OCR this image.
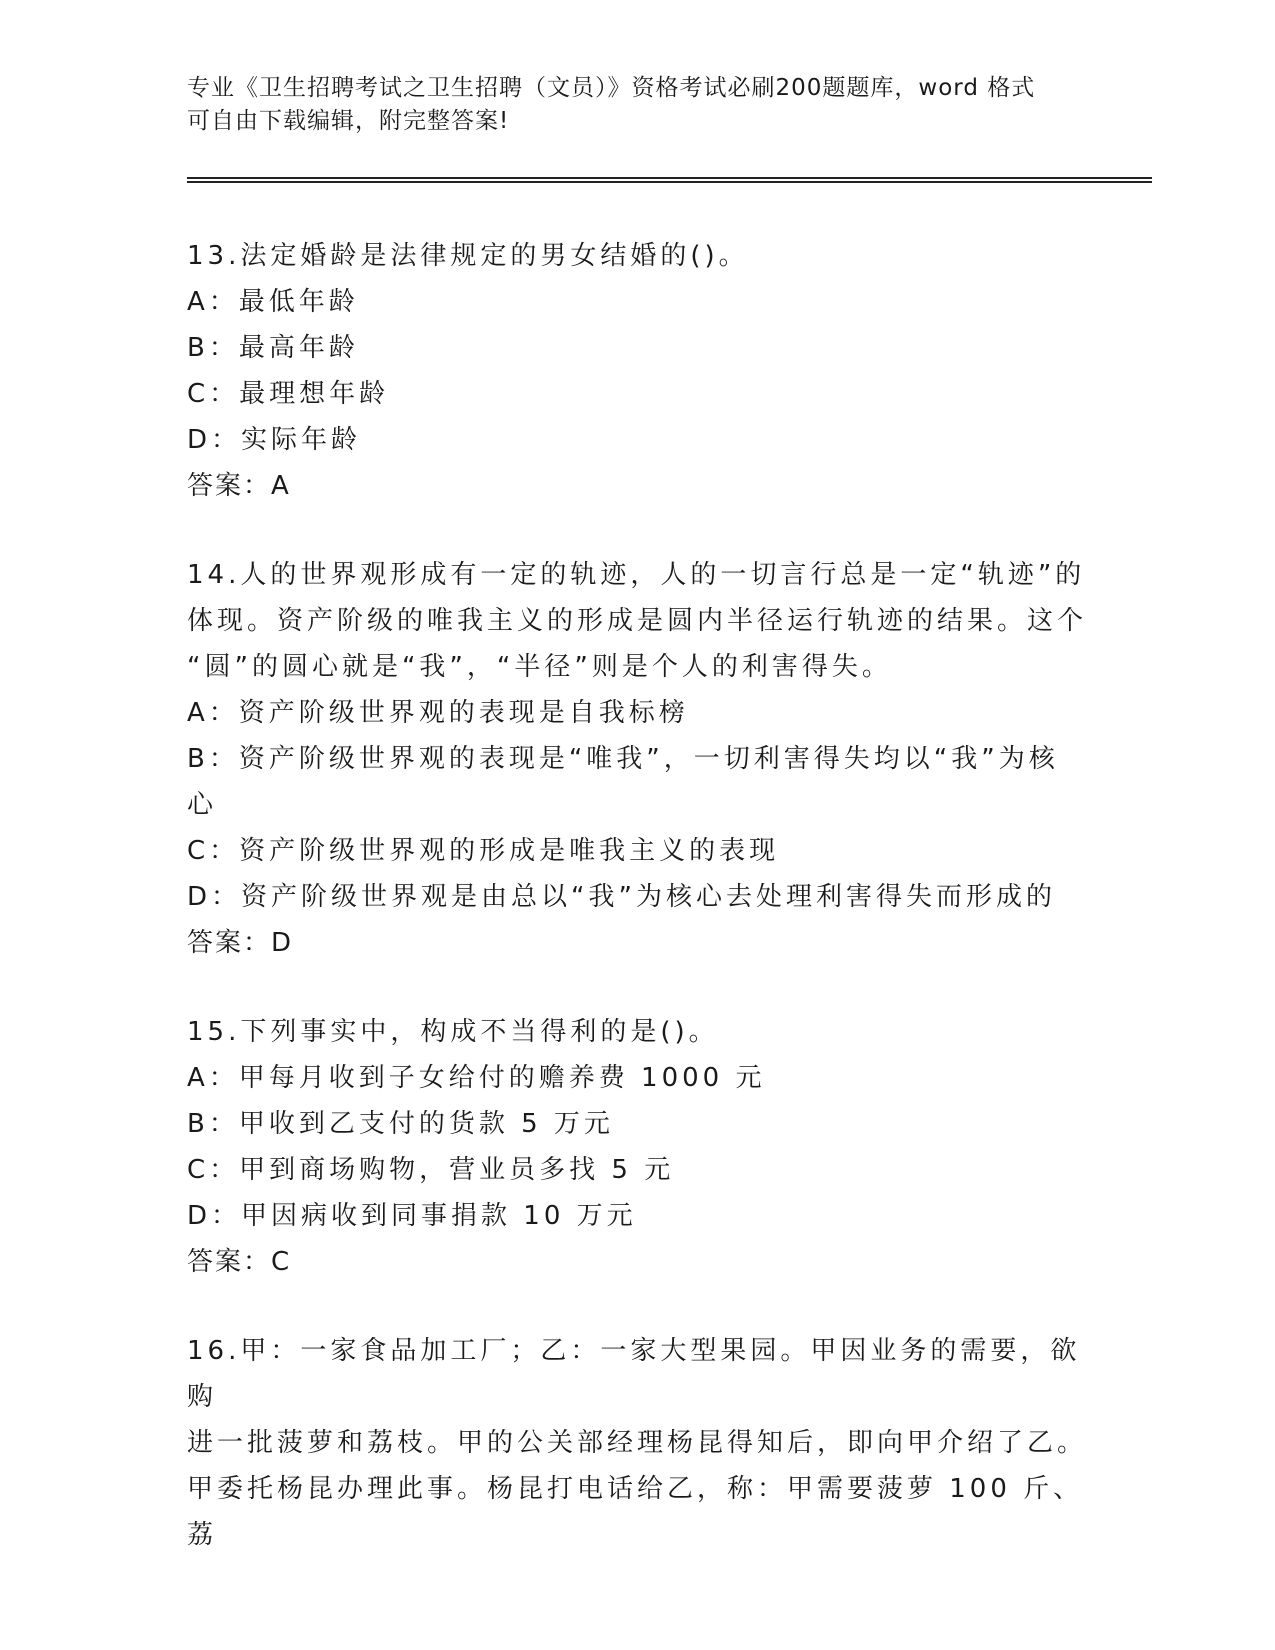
专业《卫生招聘考试之卫生招聘（文员）》资格考试必刷200题题库，word 格式
可自由下载编辑，附完整答案!

13.法定婚龄是法律规定的男女结婚的()。

A：最低年龄

B：最高年龄

C：最理想年龄

D：实际年龄

答案：A

14.人的世界观形成有一定的轨迹，人的一切言行总是一定“轨迹”的

体现。资产阶级的唯我主义的形成是圆内半径运行轨迹的结果。这个

“圆”的圆心就是“我”，“半径”则是个人的利害得失。

A：资产阶级世界观的表现是自我标榜

B：资产阶级世界观的表现是“唯我”，一切利害得失均以“我”为核

心

C：资产阶级世界观的形成是唯我主义的表现

D：资产阶级世界观是由总以“我”为核心去处理利害得失而形成的

答案：D

15.下列事实中，构成不当得利的是()。

A：甲每月收到子女给付的赡养费 1000 元

B：甲收到乙支付的货款 5 万元

C：甲到商场购物，营业员多找 5 元

D：甲因病收到同事捐款 10 万元

答案：C

16.甲：一家食品加工厂；乙：一家大型果园。甲因业务的需要，欲购

进一批菠萝和荔枝。甲的公关部经理杨昆得知后，即向甲介绍了乙。

甲委托杨昆办理此事。杨昆打电话给乙，称：甲需要菠萝 100 斤、荔
